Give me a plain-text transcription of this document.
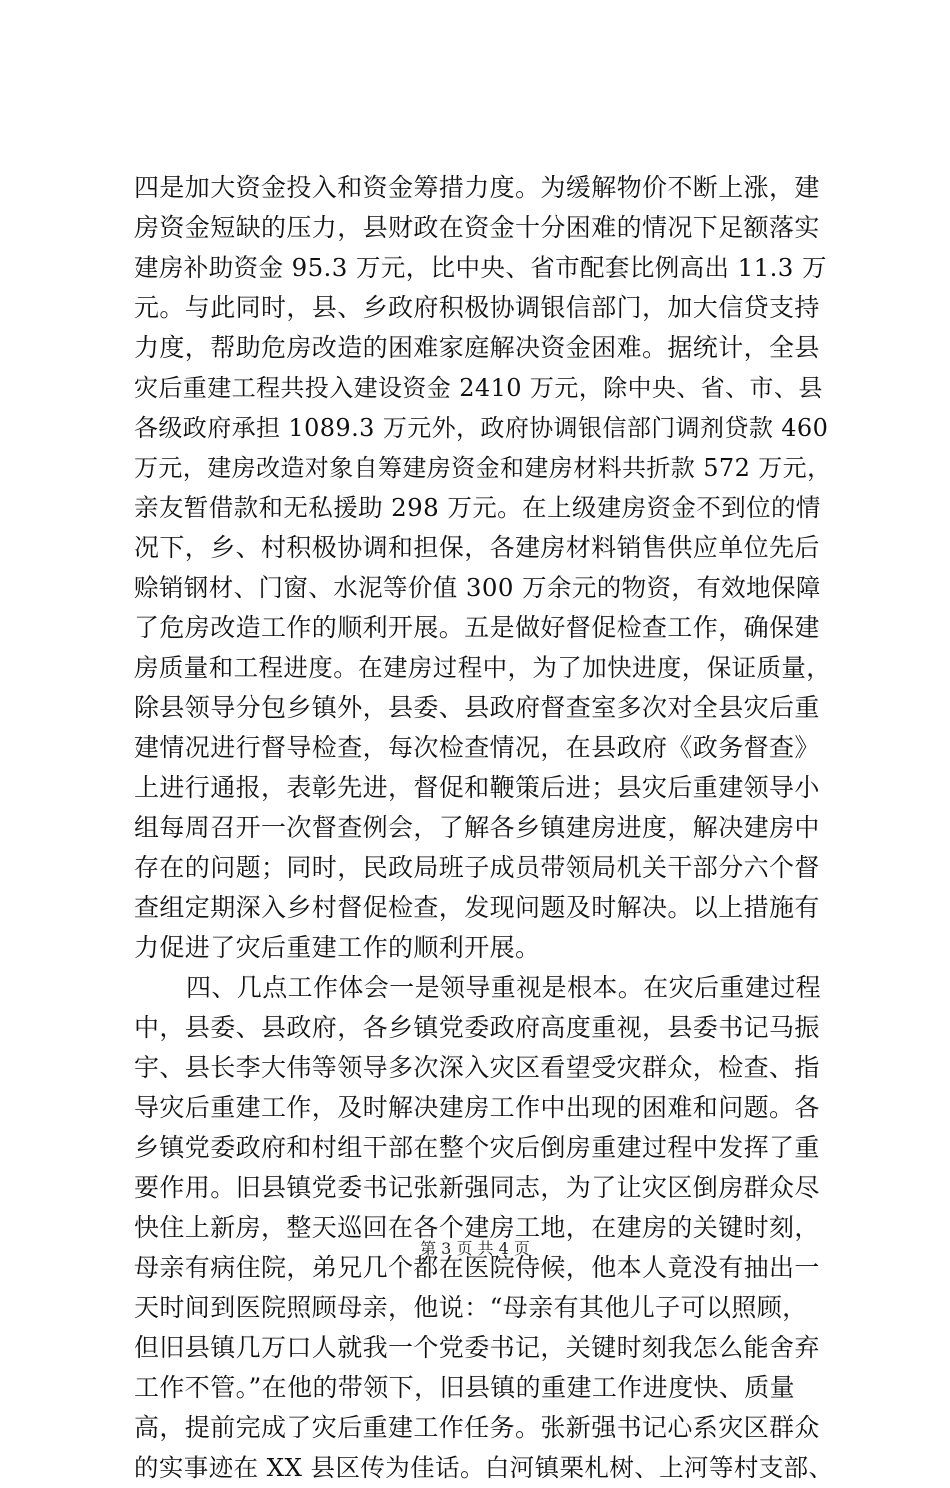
四是加大资金投入和资金筹措力度。为缓解物价不断上涨，建
房资金短缺的压力，县财政在资金十分困难的情况下足额落实
建房补助资金 95.3 万元，比中央、省市配套比例高出 11.3 万
元。与此同时，县、乡政府积极协调银信部门，加大信贷支持
力度，帮助危房改造的困难家庭解决资金困难。据统计，全县
灾后重建工程共投入建设资金 2410 万元，除中央、省、市、县
各级政府承担 1089.3 万元外，政府协调银信部门调剂贷款 460
万元，建房改造对象自筹建房资金和建房材料共折款 572 万元，
亲友暂借款和无私援助 298 万元。在上级建房资金不到位的情
况下，乡、村积极协调和担保，各建房材料销售供应单位先后
赊销钢材、门窗、水泥等价值 300 万余元的物资，有效地保障
了危房改造工作的顺利开展。五是做好督促检查工作，确保建
房质量和工程进度。在建房过程中，为了加快进度，保证质量，
除县领导分包乡镇外，县委、县政府督查室多次对全县灾后重
建情况进行督导检查，每次检查情况，在县政府《政务督查》
上进行通报，表彰先进，督促和鞭策后进；县灾后重建领导小
组每周召开一次督查例会，了解各乡镇建房进度，解决建房中
存在的问题；同时，民政局班子成员带领局机关干部分六个督
查组定期深入乡村督促检查，发现问题及时解决。以上措施有
力促进了灾后重建工作的顺利开展。
四、几点工作体会一是领导重视是根本。在灾后重建过程
中，县委、县政府，各乡镇党委政府高度重视，县委书记马振
宇、县长李大伟等领导多次深入灾区看望受灾群众，检查、指
导灾后重建工作，及时解决建房工作中出现的困难和问题。各
乡镇党委政府和村组干部在整个灾后倒房重建过程中发挥了重
要作用。旧县镇党委书记张新强同志，为了让灾区倒房群众尽
快住上新房，整天巡回在各个建房工地，在建房的关键时刻，
母亲有病住院，弟兄几个都在医院侍候，他本人竟没有抽出一
天时间到医院照顾母亲，他说：“母亲有其他儿子可以照顾，
但旧县镇几万口人就我一个党委书记，关键时刻我怎么能舍弃
工作不管。”在他的带领下，旧县镇的重建工作进度快、质量
高，提前完成了灾后重建工作任务。张新强书记心系灾区群众
的实事迹在 XX 县区传为佳话。白河镇栗札树、上河等村支部、
第 3 页 共 4 页
